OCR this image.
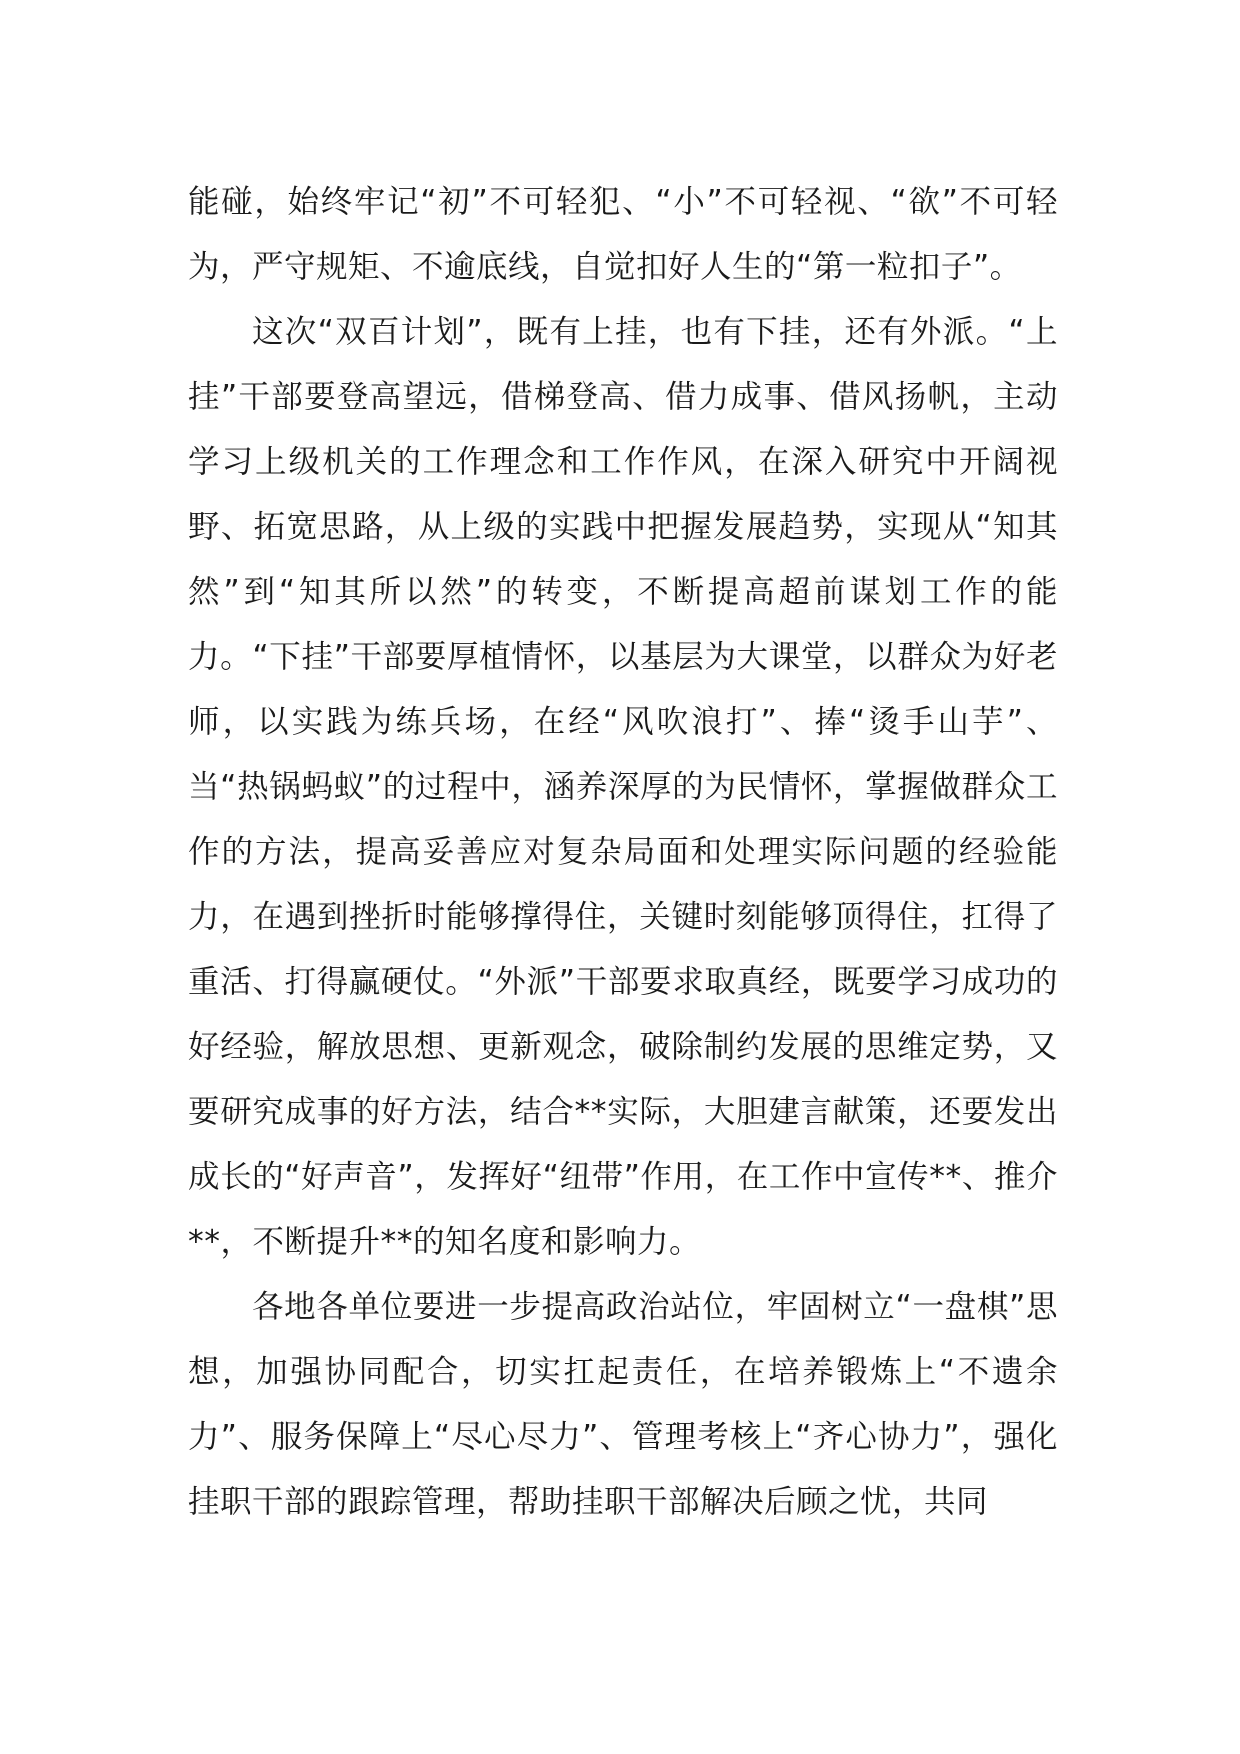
能碰，始终牢记“初”不可轻犯、“小”不可轻视、“欲”不可轻为，严守规矩、不逾底线，自觉扣好人生的“第一粒扣子”。

这次“双百计划”，既有上挂，也有下挂，还有外派。“上挂”干部要登高望远，借梯登高、借力成事、借风扬帆，主动学习上级机关的工作理念和工作作风，在深入研究中开阔视野、拓宽思路，从上级的实践中把握发展趋势，实现从“知其然”到“知其所以然”的转变，不断提高超前谋划工作的能力。“下挂”干部要厚植情怀，以基层为大课堂，以群众为好老师，以实践为练兵场，在经“风吹浪打”、捧“烫手山芋”、当“热锅蚂蚁”的过程中，涵养深厚的为民情怀，掌握做群众工作的方法，提高妥善应对复杂局面和处理实际问题的经验能力，在遇到挫折时能够撑得住，关键时刻能够顶得住，扛得了重活、打得赢硬仗。“外派”干部要求取真经，既要学习成功的好经验，解放思想、更新观念，破除制约发展的思维定势，又要研究成事的好方法，结合**实际，大胆建言献策，还要发出成长的“好声音”，发挥好“纽带”作用，在工作中宣传**、推介**，不断提升**的知名度和影响力。

各地各单位要进一步提高政治站位，牢固树立“一盘棋”思想，加强协同配合，切实扛起责任，在培养锻炼上“不遗余力”、服务保障上“尽心尽力”、管理考核上“齐心协力”，强化挂职干部的跟踪管理，帮助挂职干部解决后顾之忧，共同
